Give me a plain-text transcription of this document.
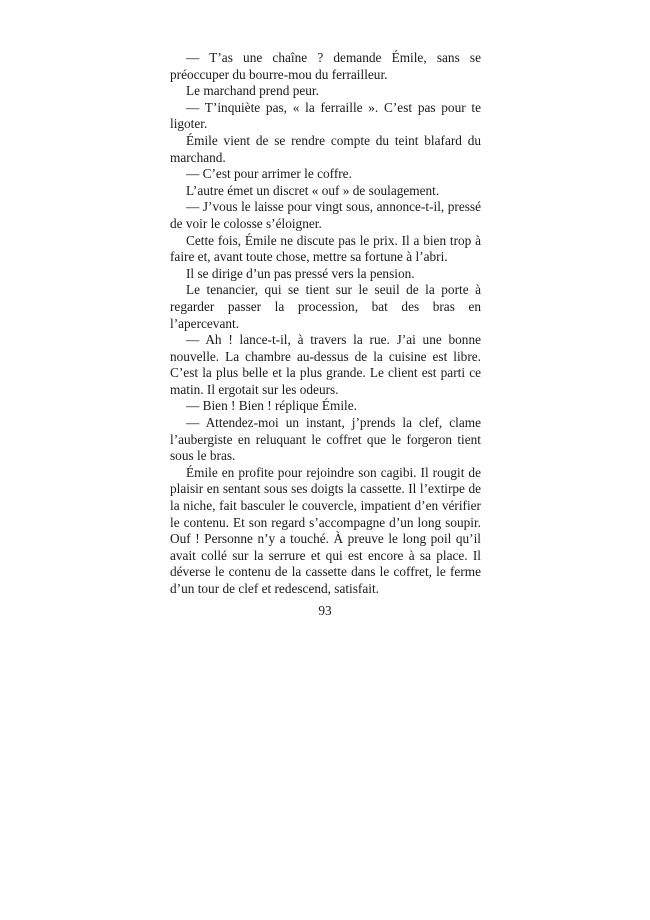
— T’as une chaîne ? demande Émile, sans se préoccuper du bourre-mou du ferrailleur.

Le marchand prend peur.

— T’inquiète pas, « la ferraille ». C’est pas pour te ligoter.

Émile vient de se rendre compte du teint blafard du marchand.

— C’est pour arrimer le coffre.

L’autre émet un discret « ouf » de soulagement.

— J’vous le laisse pour vingt sous, annonce-t-il, pressé de voir le colosse s’éloigner.

Cette fois, Émile ne discute pas le prix. Il a bien trop à faire et, avant toute chose, mettre sa fortune à l’abri.

Il se dirige d’un pas pressé vers la pension.

Le tenancier, qui se tient sur le seuil de la porte à regarder passer la procession, bat des bras en l’apercevant.

— Ah ! lance-t-il, à travers la rue. J’ai une bonne nouvelle. La chambre au-dessus de la cuisine est libre. C’est la plus belle et la plus grande. Le client est parti ce matin. Il ergotait sur les odeurs.

— Bien ! Bien ! réplique Émile.

— Attendez-moi un instant, j’prends la clef, clame l’aubergiste en reluquant le coffret que le forgeron tient sous le bras.

Émile en profite pour rejoindre son cagibi. Il rougit de plaisir en sentant sous ses doigts la cassette. Il l’extirpe de la niche, fait basculer le couvercle, impatient d’en vérifier le contenu. Et son regard s’accompagne d’un long soupir. Ouf ! Personne n’y a touché. À preuve le long poil qu’il avait collé sur la serrure et qui est encore à sa place. Il déverse le contenu de la cassette dans le coffret, le ferme d’un tour de clef et redescend, satisfait.

93
